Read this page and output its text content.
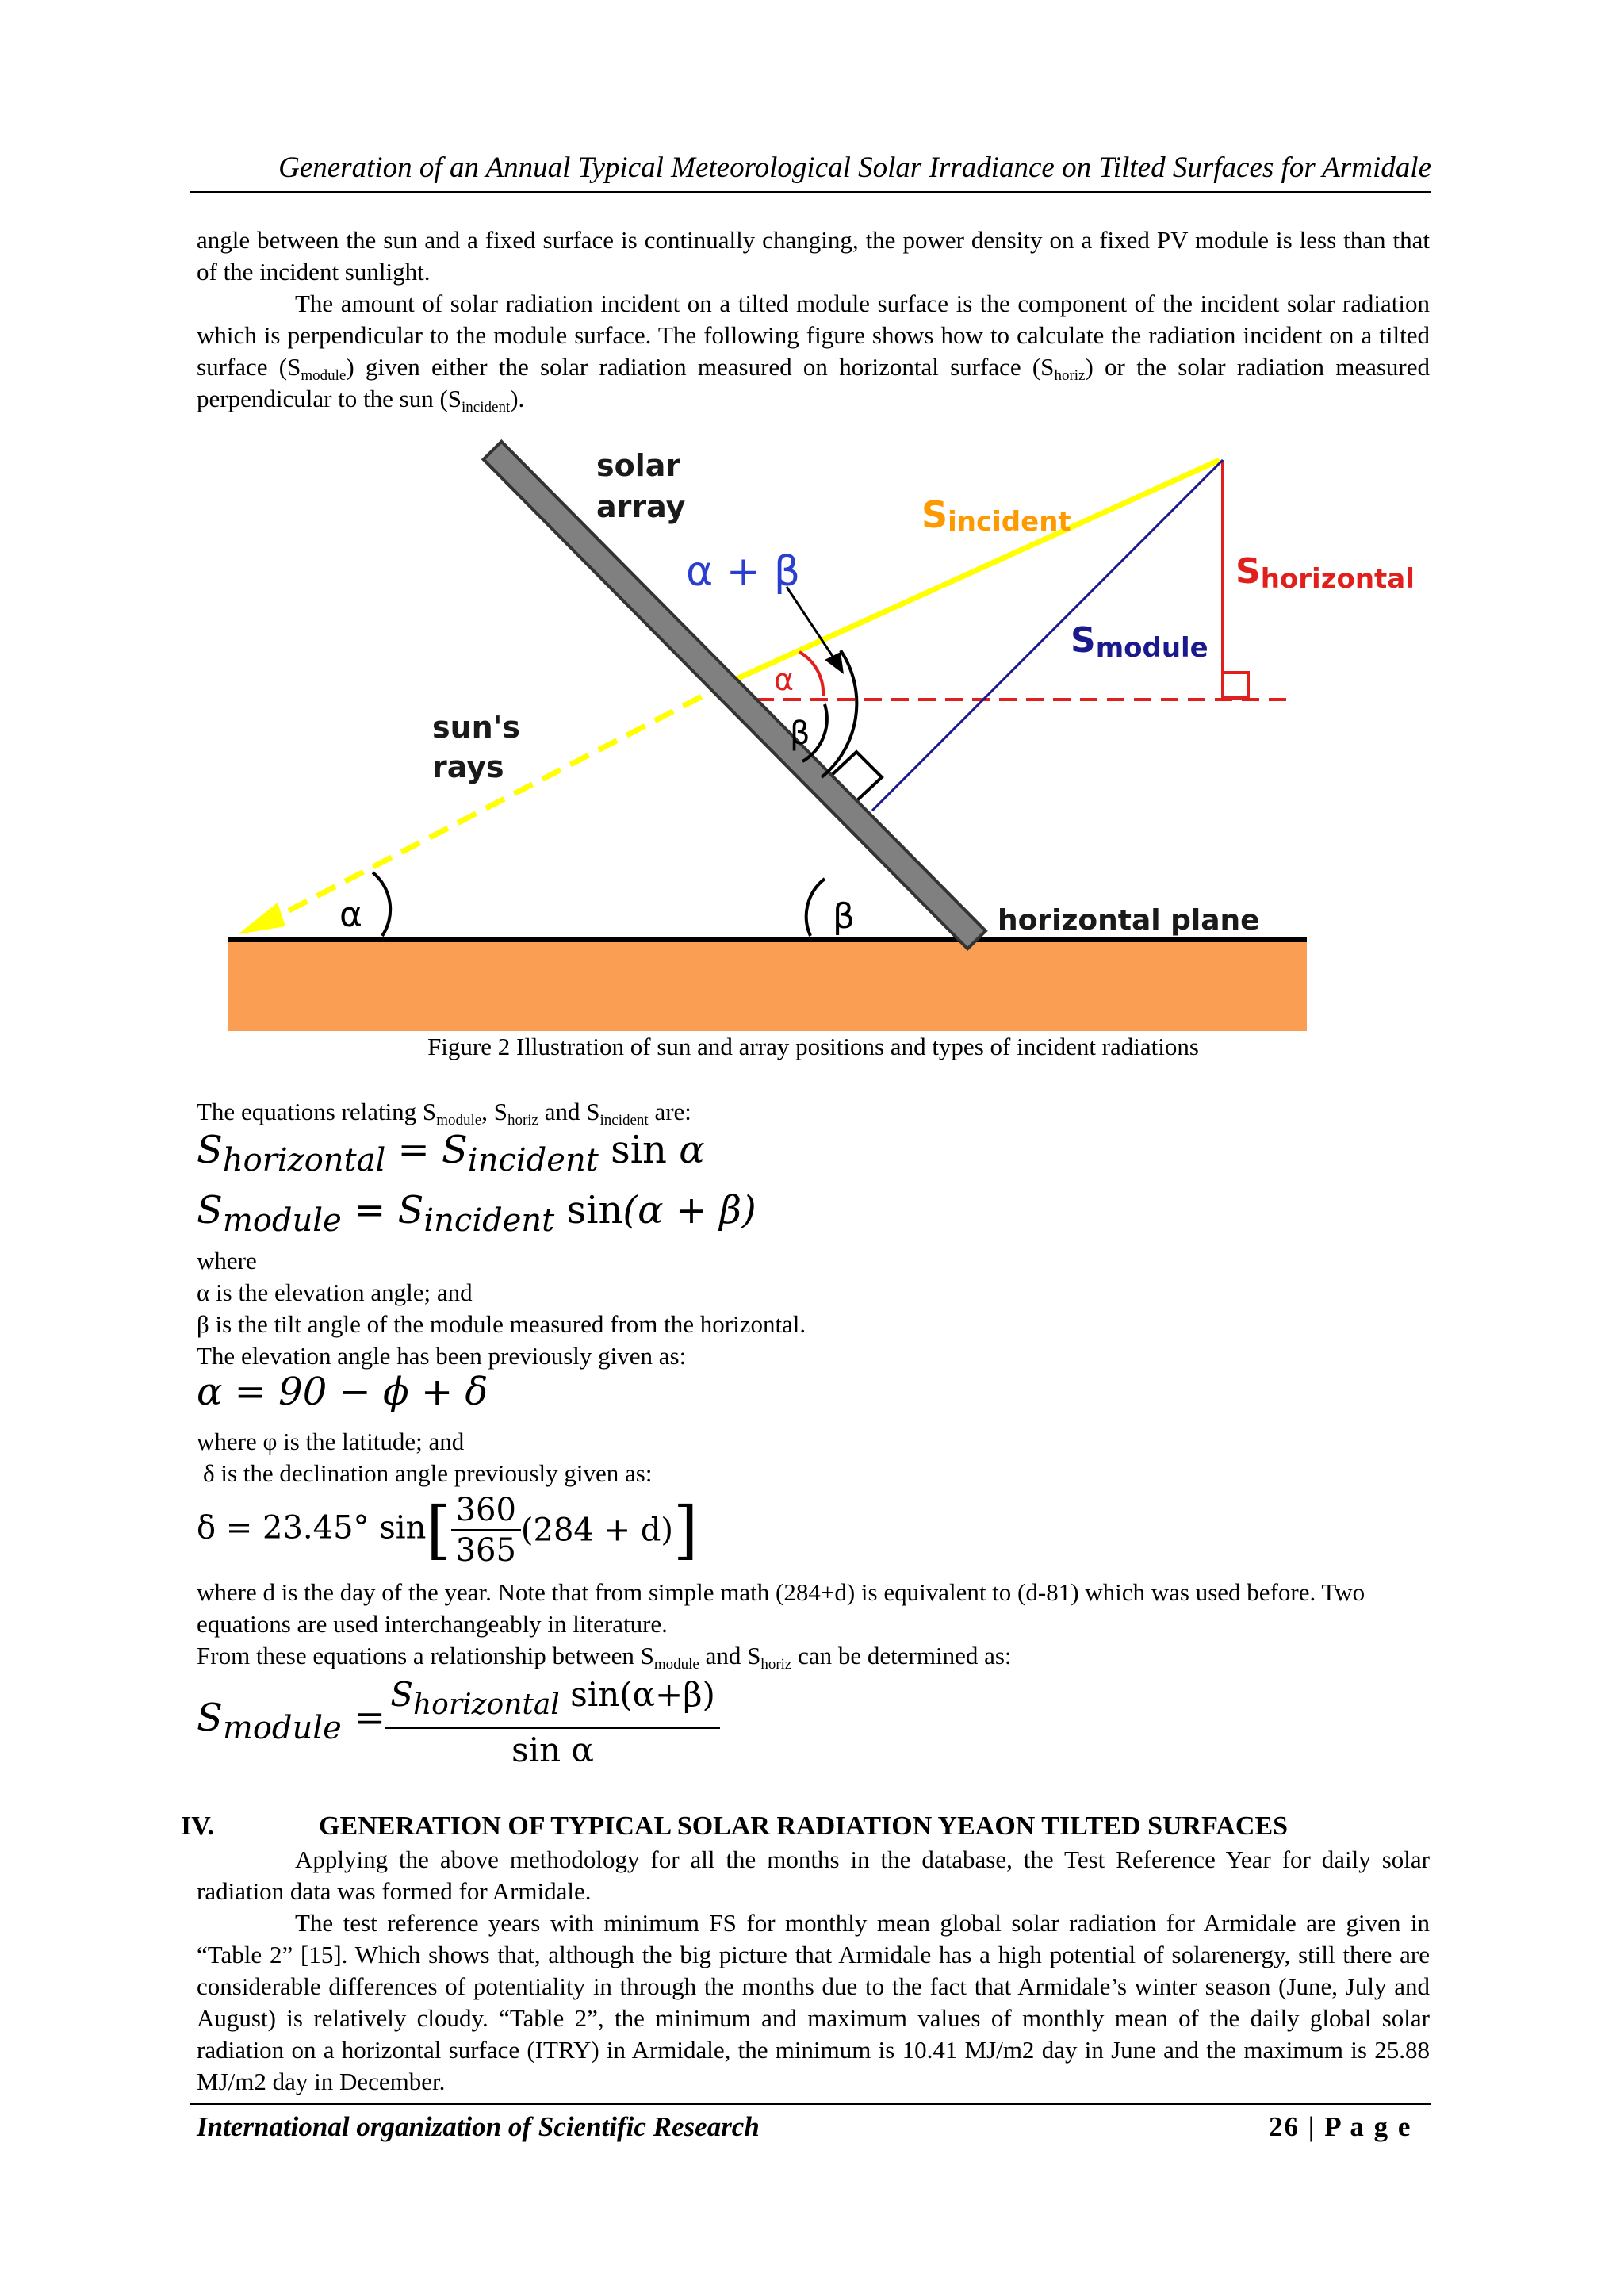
Generation of an Annual Typical Meteorological Solar Irradiance on Tilted Surfaces for Armidale
angle between the sun and a fixed surface is continually changing, the power density on a fixed PV module is less than that of the incident sunlight.
The amount of solar radiation incident on a tilted module surface is the component of the incident solar radiation which is perpendicular to the module surface. The following figure shows how to calculate the radiation incident on a tilted surface $(S_{module})$ given either the solar radiation measured on horizontal surface $(S_{horiz})$ or the solar radiation measured perpendicular to the sun $(S_{incident})$.
solar
array	Sincident
Shorizontal
Smodule
α + β
α
β
sun's
rays
α	β	horizontal plane
Figure 2 Illustration of sun and array positions and types of incident radiations
The equations relating $S_{module}$, $S_{horiz}$ and $S_{incident}$ are:
$S_{horizontal} = S_{incident}$ sin α
$S_{module} = S_{incident}$ sin(α + β)
where
α is the elevation angle; and
β is the tilt angle of the module measured from the horizontal.
The elevation angle has been previously given as:
α = 90 − ϕ + δ
where φ is the latitude; and
δ is the declination angle previously given as:
δ = 23.45° $\sin[ \frac{360}{365} (284 + d)]$
where d is the day of the year. Note that from simple math (284+d) is equivalent to (d-81) which was used before. Two equations are used interchangeably in literature.
From these equations a relationship between $S_{module}$ and $S_{horiz}$ can be determined as:
$S_{module} = \frac{\text{Shorizontal sin(α+β)}}{\text{sin α}}$
IV.	GENERATION OF TYPICAL SOLAR RADIATION YEAON TILTED SURFACES
Applying the above methodology for all the months in the database, the Test Reference Year for daily solar radiation data was formed for Armidale.
The test reference years with minimum FS for monthly mean global solar radiation for Armidale are given in “Table 2” [15]. Which shows that, although the big picture that Armidale has a high potential of solarenergy, still there are considerable differences of potentiality in through the months due to the fact that Armidale’s winter season (June, July and August) is relatively cloudy. “Table 2”, the minimum and maximum values of monthly mean of the daily global solar radiation on a horizontal surface (ITRY) in Armidale, the minimum is 10.41 MJ/m2 day in June and the maximum is 25.88 MJ/m2 day in December.
International organization of Scientific Research	26 | P a g e
